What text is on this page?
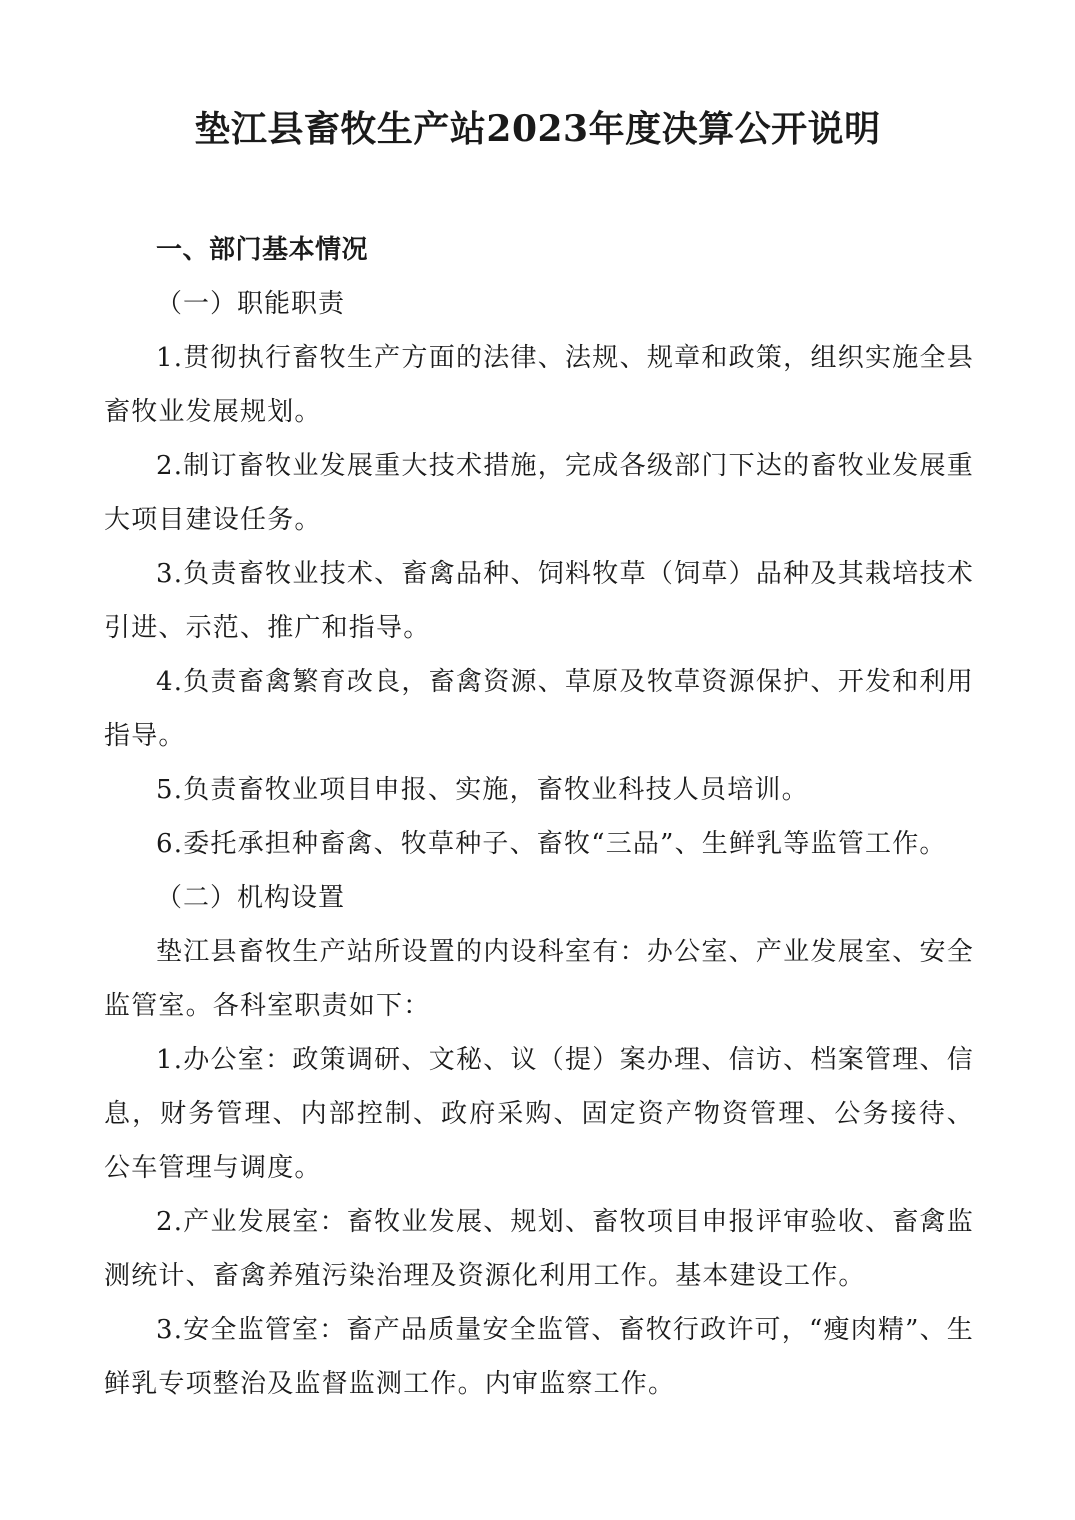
垫江县畜牧生产站2023年度决算公开说明

一、部门基本情况

（一）职能职责

1.贯彻执行畜牧生产方面的法律、法规、规章和政策，组织实施全县畜牧业发展规划。

2.制订畜牧业发展重大技术措施，完成各级部门下达的畜牧业发展重大项目建设任务。

3.负责畜牧业技术、畜禽品种、饲料牧草（饲草）品种及其栽培技术引进、示范、推广和指导。

4.负责畜禽繁育改良，畜禽资源、草原及牧草资源保护、开发和利用指导。

5.负责畜牧业项目申报、实施，畜牧业科技人员培训。

6.委托承担种畜禽、牧草种子、畜牧“三品”、生鲜乳等监管工作。

（二）机构设置

垫江县畜牧生产站所设置的内设科室有：办公室、产业发展室、安全监管室。各科室职责如下：

1.办公室：政策调研、文秘、议（提）案办理、信访、档案管理、信息，财务管理、内部控制、政府采购、固定资产物资管理、公务接待、公车管理与调度。

2.产业发展室：畜牧业发展、规划、畜牧项目申报评审验收、畜禽监测统计、畜禽养殖污染治理及资源化利用工作。基本建设工作。

3.安全监管室：畜产品质量安全监管、畜牧行政许可，“瘦肉精”、生鲜乳专项整治及监督监测工作。内审监察工作。
